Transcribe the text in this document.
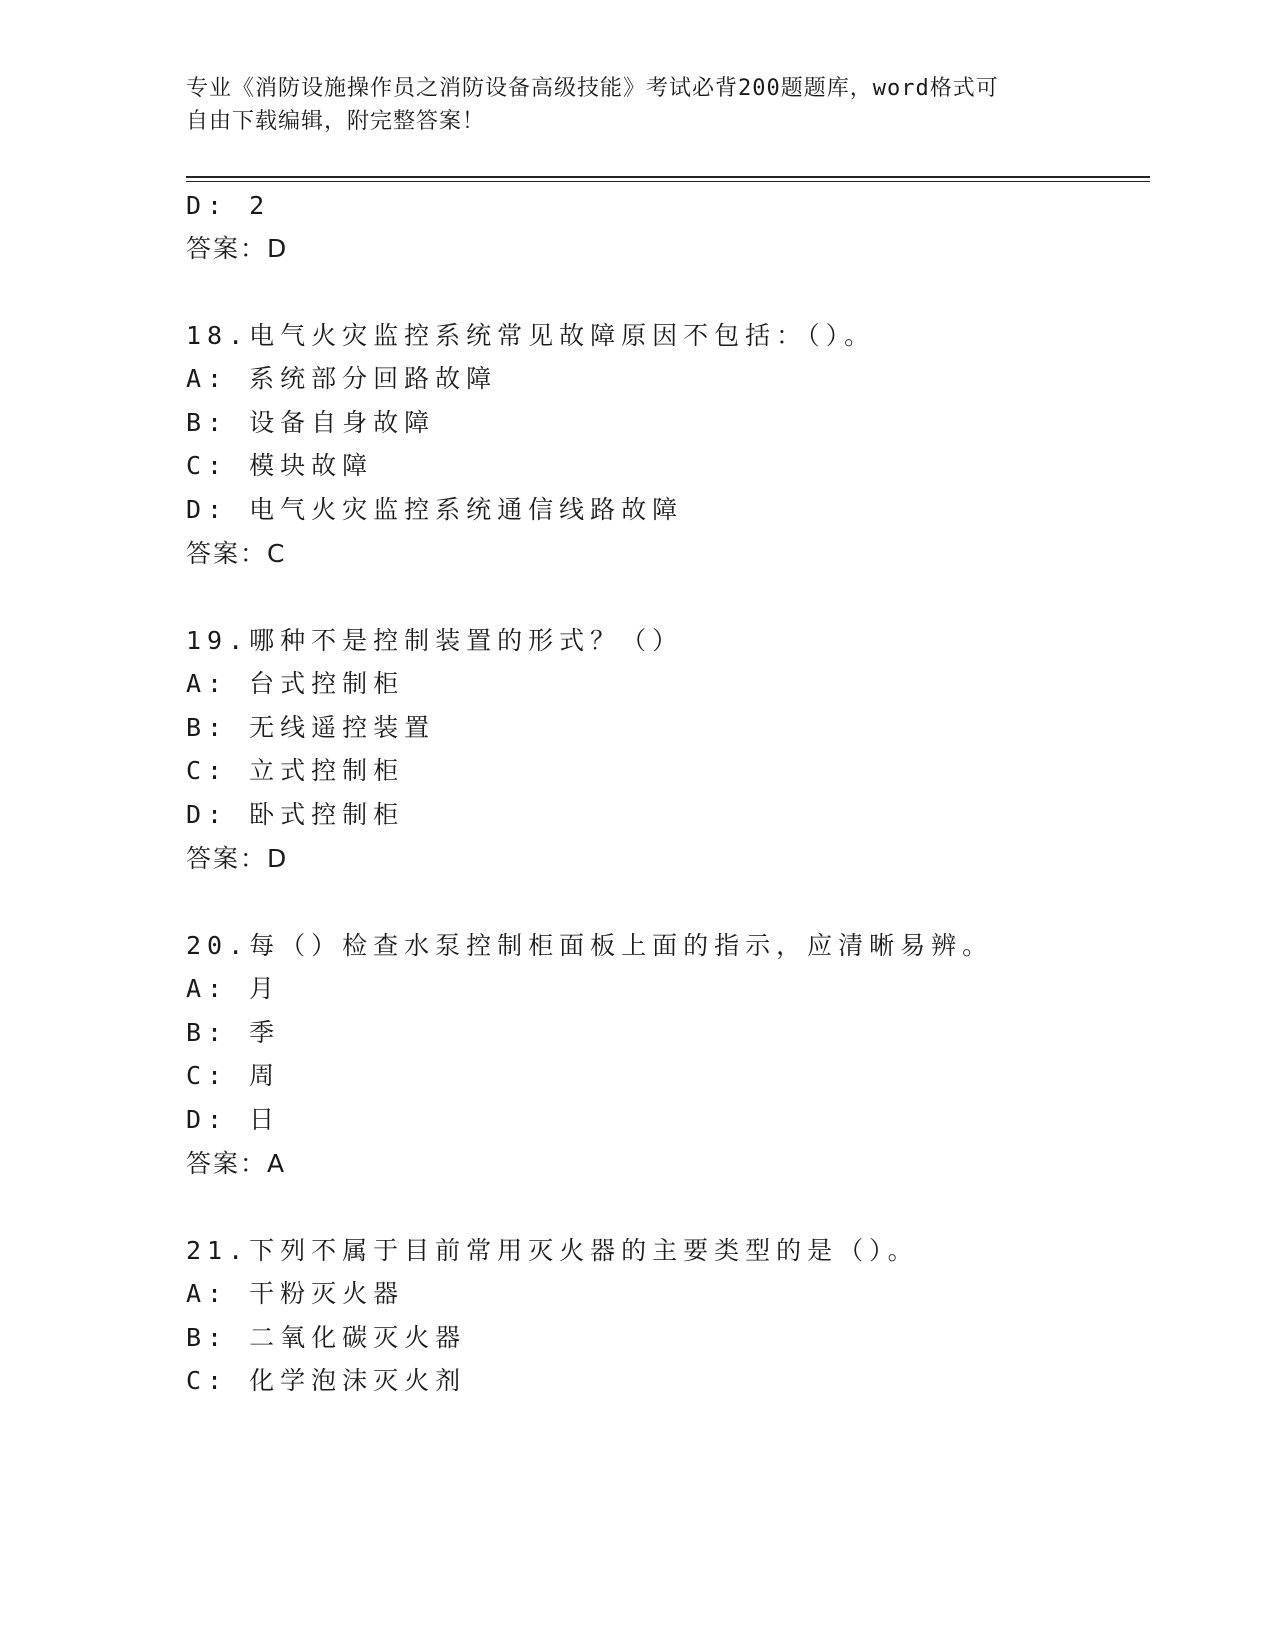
专业《消防设施操作员之消防设备高级技能》考试必背200题题库，word格式可
自由下载编辑，附完整答案！
D: 2
答案：D
18.电气火灾监控系统常见故障原因不包括：（）。
A: 系统部分回路故障
B: 设备自身故障
C: 模块故障
D: 电气火灾监控系统通信线路故障
答案：C
19.哪种不是控制装置的形式？（）
A: 台式控制柜
B: 无线遥控装置
C: 立式控制柜
D: 卧式控制柜
答案：D
20.每（）检查水泵控制柜面板上面的指示，应清晰易辨。
A: 月
B: 季
C: 周
D: 日
答案：A
21.下列不属于目前常用灭火器的主要类型的是（）。
A: 干粉灭火器
B: 二氧化碳灭火器
C: 化学泡沫灭火剂
